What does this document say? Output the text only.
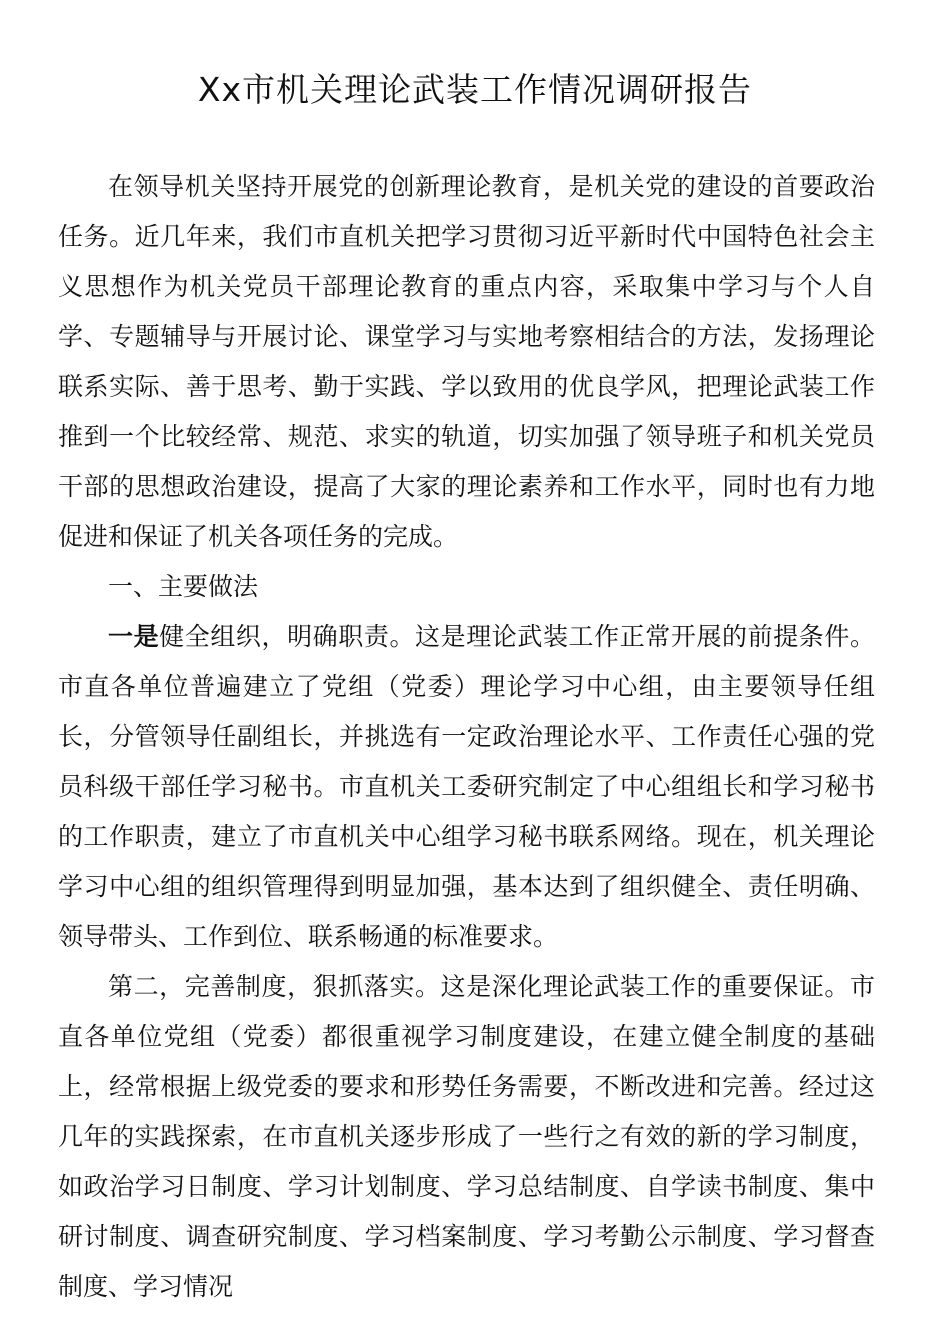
Xx市机关理论武装工作情况调研报告

在领导机关坚持开展党的创新理论教育，是机关党的建设的首要政治任务。近几年来，我们市直机关把学习贯彻习近平新时代中国特色社会主义思想作为机关党员干部理论教育的重点内容，采取集中学习与个人自学、专题辅导与开展讨论、课堂学习与实地考察相结合的方法，发扬理论联系实际、善于思考、勤于实践、学以致用的优良学风，把理论武装工作推到一个比较经常、规范、求实的轨道，切实加强了领导班子和机关党员干部的思想政治建设，提高了大家的理论素养和工作水平，同时也有力地促进和保证了机关各项任务的完成。

一、主要做法

一是健全组织，明确职责。这是理论武装工作正常开展的前提条件。市直各单位普遍建立了党组（党委）理论学习中心组，由主要领导任组长，分管领导任副组长，并挑选有一定政治理论水平、工作责任心强的党员科级干部任学习秘书。市直机关工委研究制定了中心组组长和学习秘书的工作职责，建立了市直机关中心组学习秘书联系网络。现在，机关理论学习中心组的组织管理得到明显加强，基本达到了组织健全、责任明确、领导带头、工作到位、联系畅通的标准要求。

第二，完善制度，狠抓落实。这是深化理论武装工作的重要保证。市直各单位党组（党委）都很重视学习制度建设，在建立健全制度的基础上，经常根据上级党委的要求和形势任务需要，不断改进和完善。经过这几年的实践探索，在市直机关逐步形成了一些行之有效的新的学习制度，如政治学习日制度、学习计划制度、学习总结制度、自学读书制度、集中研讨制度、调查研究制度、学习档案制度、学习考勤公示制度、学习督查制度、学习情况
